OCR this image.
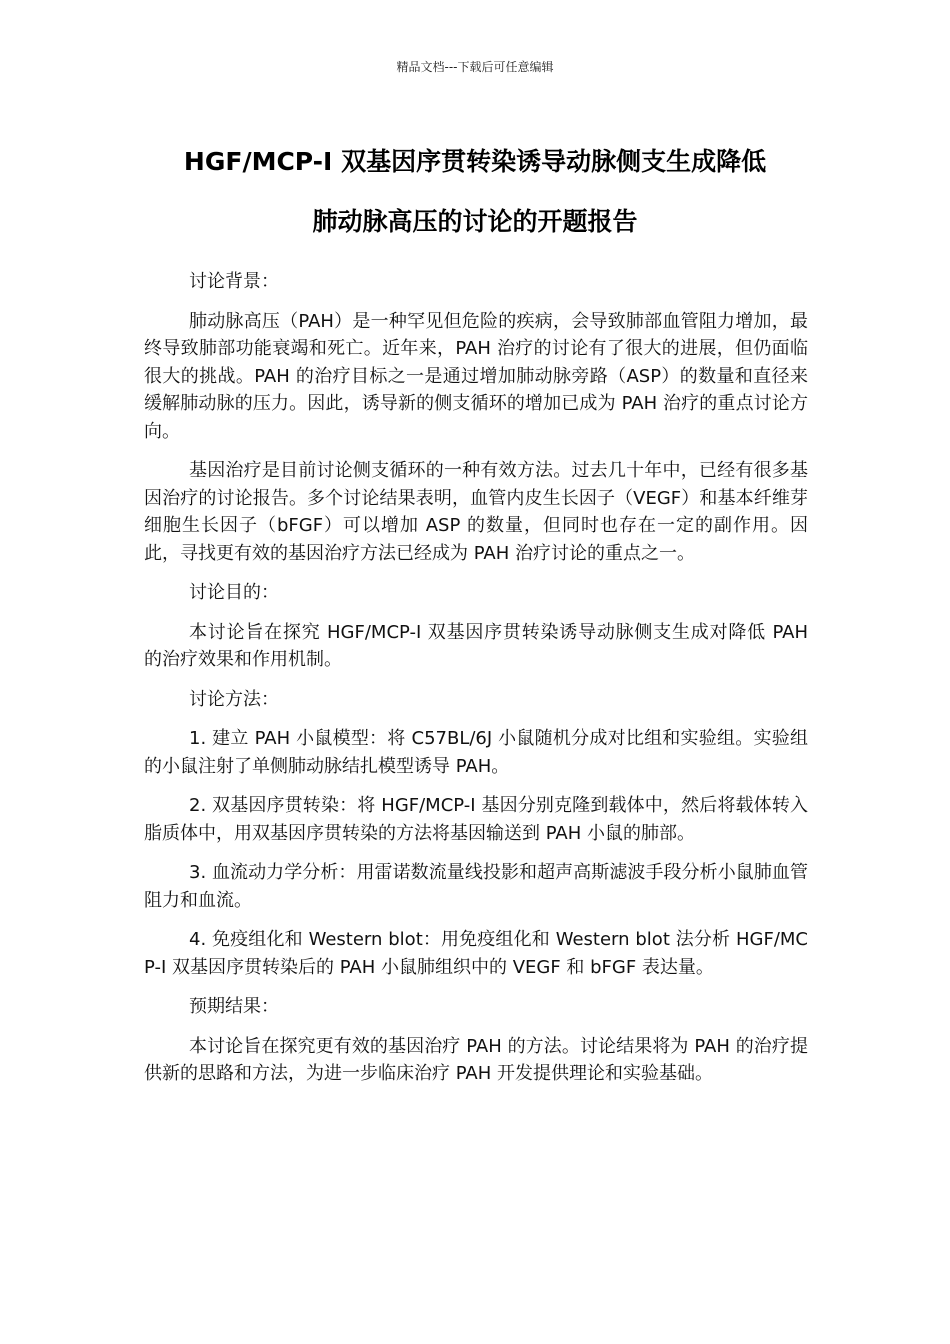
精品文档---下载后可任意编辑
HGF/MCP-I 双基因序贯转染诱导动脉侧支生成降低
肺动脉高压的讨论的开题报告

讨论背景：

肺动脉高压（PAH）是一种罕见但危险的疾病，会导致肺部血管阻力增加，最终导致肺部功能衰竭和死亡。近年来，PAH 治疗的讨论有了很大的进展，但仍面临很大的挑战。PAH 的治疗目标之一是通过增加肺动脉旁路（ASP）的数量和直径来缓解肺动脉的压力。因此，诱导新的侧支循环的增加已成为 PAH 治疗的重点讨论方向。

基因治疗是目前讨论侧支循环的一种有效方法。过去几十年中，已经有很多基因治疗的讨论报告。多个讨论结果表明，血管内皮生长因子（VEGF）和基本纤维芽细胞生长因子（bFGF）可以增加 ASP 的数量，但同时也存在一定的副作用。因此，寻找更有效的基因治疗方法已经成为 PAH 治疗讨论的重点之一。

讨论目的：

本讨论旨在探究 HGF/MCP-I 双基因序贯转染诱导动脉侧支生成对降低 PAH 的治疗效果和作用机制。

讨论方法：

1. 建立 PAH 小鼠模型：将 C57BL/6J 小鼠随机分成对比组和实验组。实验组的小鼠注射了单侧肺动脉结扎模型诱导 PAH。

2. 双基因序贯转染：将 HGF/MCP-I 基因分别克隆到载体中，然后将载体转入脂质体中，用双基因序贯转染的方法将基因输送到 PAH 小鼠的肺部。

3. 血流动力学分析：用雷诺数流量线投影和超声高斯滤波手段分析小鼠肺血管阻力和血流。

4. 免疫组化和 Western blot：用免疫组化和 Western blot 法分析 HGF/MCP-I 双基因序贯转染后的 PAH 小鼠肺组织中的 VEGF 和 bFGF 表达量。

预期结果：

本讨论旨在探究更有效的基因治疗 PAH 的方法。讨论结果将为 PAH 的治疗提供新的思路和方法，为进一步临床治疗 PAH 开发提供理论和实验基础。
